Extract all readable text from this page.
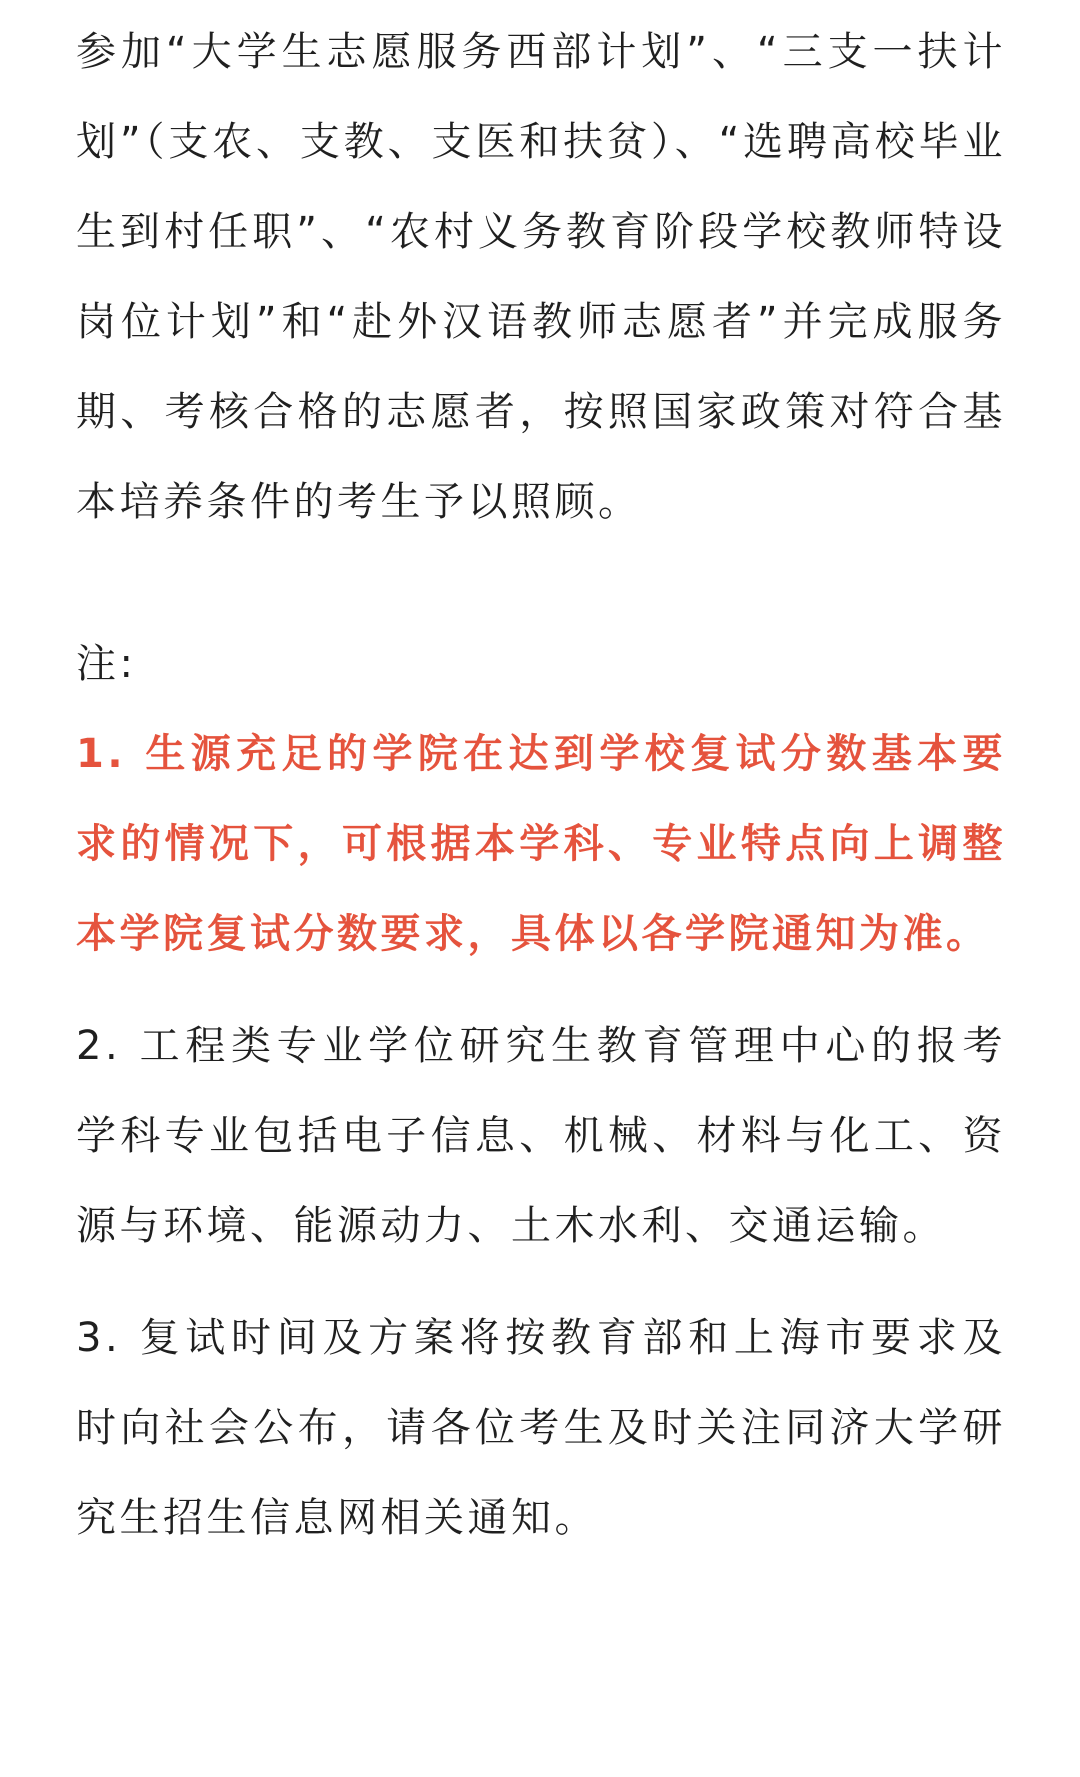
参加“大学生志愿服务西部计划”、“三支一扶计划”（支农、支教、支医和扶贫）、“选聘高校毕业生到村任职”、“农村义务教育阶段学校教师特设岗位计划”和“赴外汉语教师志愿者”并完成服务期、考核合格的志愿者，按照国家政策对符合基本培养条件的考生予以照顾。

注:

1. 生源充足的学院在达到学校复试分数基本要求的情况下，可根据本学科、专业特点向上调整本学院复试分数要求，具体以各学院通知为准。

2. 工程类专业学位研究生教育管理中心的报考学科专业包括电子信息、机械、材料与化工、资源与环境、能源动力、土木水利、交通运输。

3. 复试时间及方案将按教育部和上海市要求及时向社会公布，请各位考生及时关注同济大学研究生招生信息网相关通知。
